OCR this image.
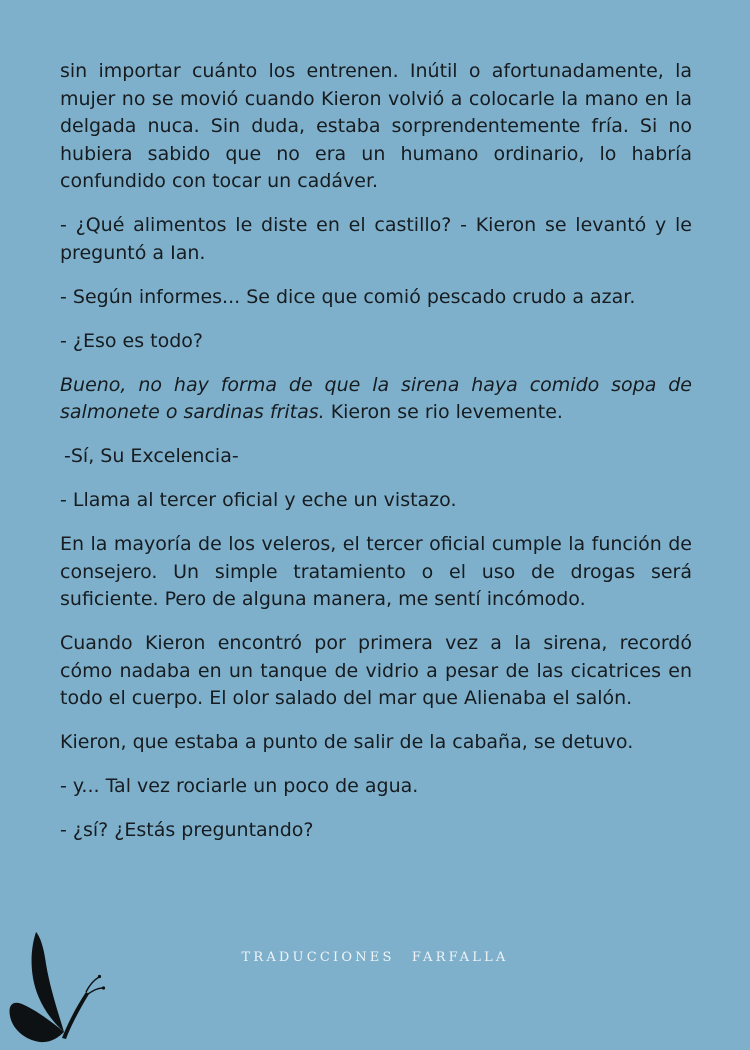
sin importar cuánto los entrenen. Inútil o afortunadamente, la mujer no se movió cuando Kieron volvió a colocarle la mano en la delgada nuca. Sin duda, estaba sorprendentemente fría. Si no hubiera sabido que no era un humano ordinario, lo habría confundido con tocar un cadáver.

- ¿Qué alimentos le diste en el castillo? - Kieron se levantó y le preguntó a Ian.

- Según informes... Se dice que comió pescado crudo a azar.

- ¿Eso es todo?

Bueno, no hay forma de que la sirena haya comido sopa de salmonete o sardinas fritas. Kieron se rio levemente.

-Sí, Su Excelencia-

- Llama al tercer oficial y eche un vistazo.

En la mayoría de los veleros, el tercer oficial cumple la función de consejero. Un simple tratamiento o el uso de drogas será suficiente. Pero de alguna manera, me sentí incómodo.

Cuando Kieron encontró por primera vez a la sirena, recordó cómo nadaba en un tanque de vidrio a pesar de las cicatrices en todo el cuerpo. El olor salado del mar que Alienaba el salón.

Kieron, que estaba a punto de salir de la cabaña, se detuvo.

- y... Tal vez rociarle un poco de agua.

- ¿sí? ¿Estás preguntando?

TRADUCCIONES FARFALLA
